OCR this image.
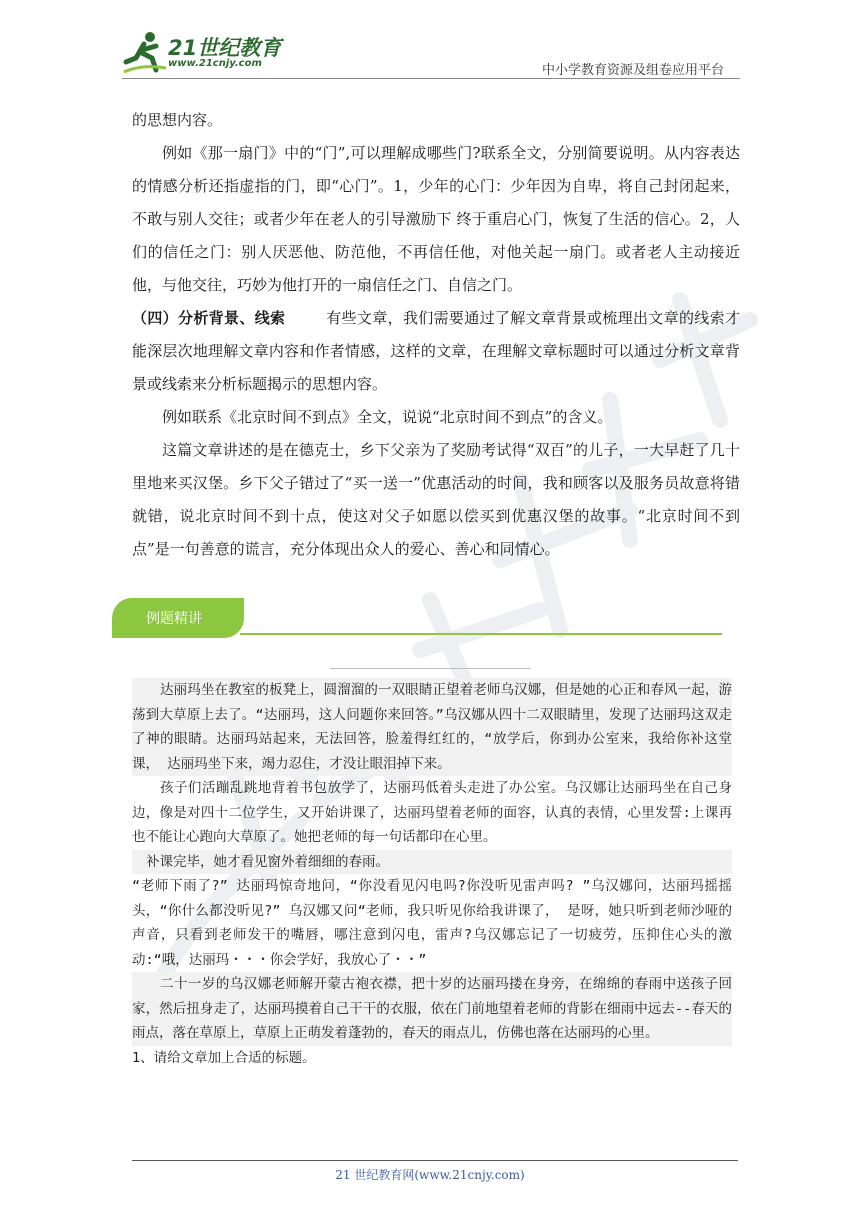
21世纪教育
www.21cnjy.com	中小学教育资源及组卷应用平台

的思想内容。

例如《那一扇门》中的“门”,可以理解成哪些门?联系全文，分别简要说明。从内容表达的情感分析还指虚指的门，即“心门”。1，少年的心门：少年因为自卑，将自己封闭起来，不敢与别人交往；或者少年在老人的引导激励下 终于重启心门，恢复了生活的信心。2，人们的信任之门：别人厌恶他、防范他，不再信任他，对他关起一扇门。或者老人主动接近他，与他交往，巧妙为他打开的一扇信任之门、自信之门。

（四）分析背景、线索	有些文章，我们需要通过了解文章背景或梳理出文章的线索才能深层次地理解文章内容和作者情感，这样的文章，在理解文章标题时可以通过分析文章背景或线索来分析标题揭示的思想内容。

例如联系《北京时间不到点》全文，说说“北京时间不到点”的含义。

这篇文章讲述的是在德克士，乡下父亲为了奖励考试得“双百”的儿子，一大早赶了几十里地来买汉堡。乡下父子错过了“买一送一”优惠活动的时间，我和顾客以及服务员故意将错就错，说北京时间不到十点，使这对父子如愿以偿买到优惠汉堡的故事。“北京时间不到点”是一句善意的谎言，充分体现出众人的爱心、善心和同情心。

例题精讲

达丽玛坐在教室的板凳上，圆溜溜的一双眼睛正望着老师乌汉娜，但是她的心正和春风一起，游荡到大草原上去了。“达丽玛，这人问题你来回答。”乌汉娜从四十二双眼睛里，发现了达丽玛这双走了神的眼睛。达丽玛站起来，无法回答，脸羞得红红的，“放学后，你到办公室来，我给你补这堂课， 达丽玛坐下来，竭力忍住，才没让眼泪掉下来。

孩子们活蹦乱跳地背着书包放学了，达丽玛低着头走进了办公室。乌汉娜让达丽玛坐在自己身边，像是对四十二位学生，又开始讲课了，达丽玛望着老师的面容，认真的表情，心里发誓:上课再也不能让心跑向大草原了。她把老师的每一句话都印在心里。

补课完毕，她才看见窗外着细细的春雨。

“老师下雨了?” 达丽玛惊奇地问，“你没看见闪电吗?你没听见雷声吗? ”乌汉娜问，达丽玛摇摇头，“你什么都没听见?” 乌汉娜又问“老师，我只听见你给我讲课了， 是呀，她只听到老师沙哑的声音，只看到老师发干的嘴唇，哪注意到闪电，雷声?乌汉娜忘记了一切疲劳，压抑住心头的激动:“哦，达丽玛・・・你会学好，我放心了・・”

二十一岁的乌汉娜老师解开蒙古袍衣襟，把十岁的达丽玛搂在身旁，在绵绵的春雨中送孩子回家，然后扭身走了，达丽玛摸着自己干干的衣服，依在门前地望着老师的背影在细雨中远去--春天的雨点，落在草原上，草原上正萌发着蓬勃的，春天的雨点儿，仿佛也落在达丽玛的心里。

1、请给文章加上合适的标题。

21 世纪教育网(www.21cnjy.com)
